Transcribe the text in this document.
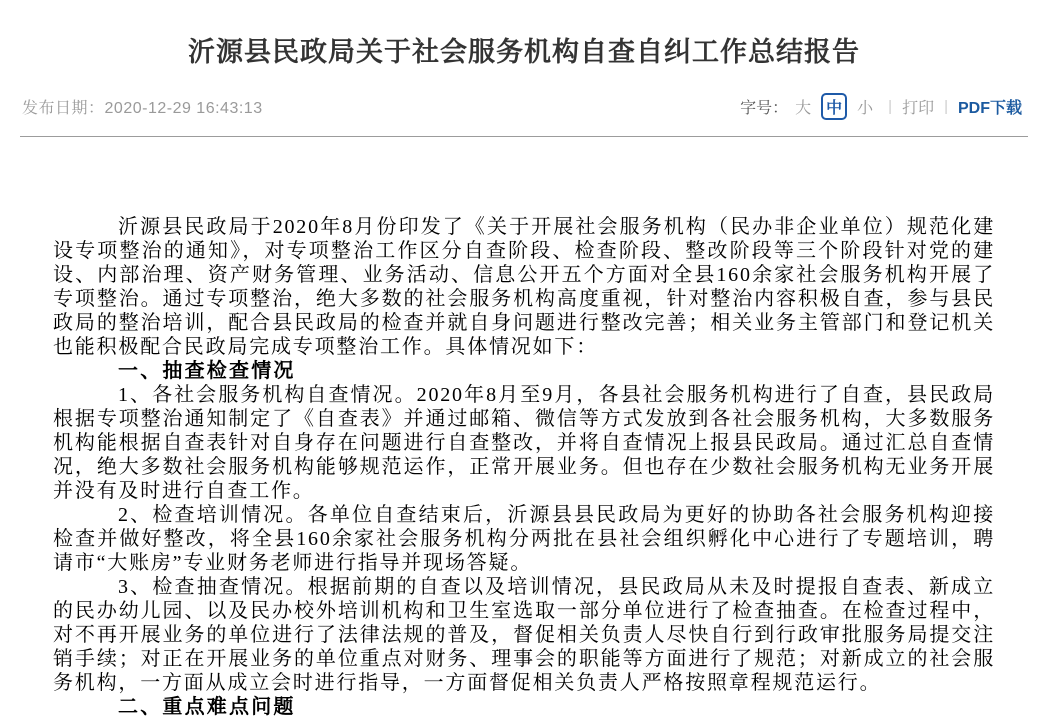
沂源县民政局关于社会服务机构自查自纠工作总结报告
发布日期：2020-12-29 16:43:13	字号： 大 中 小 | 打印 | PDF下载

沂源县民政局于2020年8月份印发了《关于开展社会服务机构（民办非企业单位）规范化建设专项整治的通知》，对专项整治工作区分自查阶段、检查阶段、整改阶段等三个阶段针对党的建设、内部治理、资产财务管理、业务活动、信息公开五个方面对全县160余家社会服务机构开展了专项整治。通过专项整治，绝大多数的社会服务机构高度重视，针对整治内容积极自查，参与县民政局的整治培训，配合县民政局的检查并就自身问题进行整改完善；相关业务主管部门和登记机关也能积极配合民政局完成专项整治工作。具体情况如下：

一、抽查检查情况

1、各社会服务机构自查情况。2020年8月至9月，各县社会服务机构进行了自查，县民政局根据专项整治通知制定了《自查表》并通过邮箱、微信等方式发放到各社会服务机构，大多数服务机构能根据自查表针对自身存在问题进行自查整改，并将自查情况上报县民政局。通过汇总自查情况，绝大多数社会服务机构能够规范运作，正常开展业务。但也存在少数社会服务机构无业务开展并没有及时进行自查工作。

2、检查培训情况。各单位自查结束后，沂源县县民政局为更好的协助各社会服务机构迎接检查并做好整改，将全县160余家社会服务机构分两批在县社会组织孵化中心进行了专题培训，聘请市“大账房”专业财务老师进行指导并现场答疑。

3、检查抽查情况。根据前期的自查以及培训情况，县民政局从未及时提报自查表、新成立的民办幼儿园、以及民办校外培训机构和卫生室选取一部分单位进行了检查抽查。在检查过程中，对不再开展业务的单位进行了法律法规的普及，督促相关负责人尽快自行到行政审批服务局提交注销手续；对正在开展业务的单位重点对财务、理事会的职能等方面进行了规范；对新成立的社会服务机构，一方面从成立会时进行指导，一方面督促相关负责人严格按照章程规范运行。

二、重点难点问题
